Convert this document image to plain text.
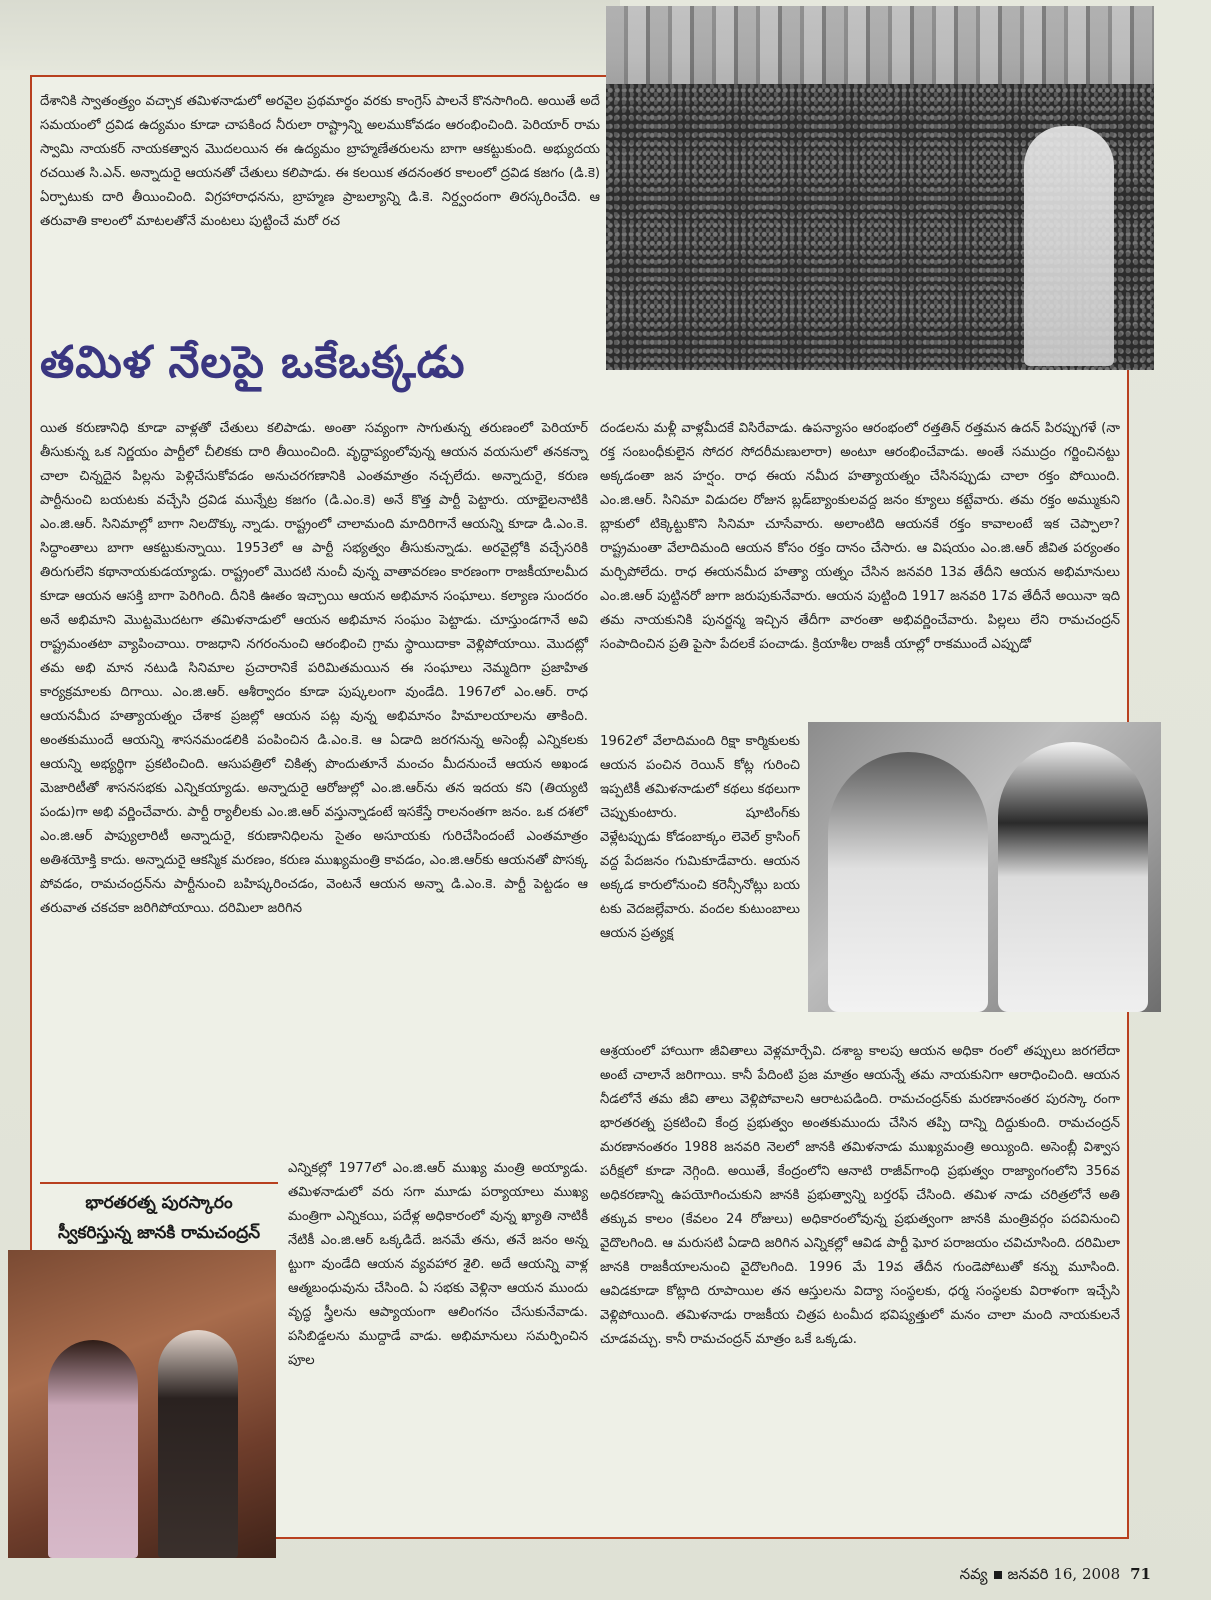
దేశానికి స్వాతంత్ర్యం వచ్చాక తమిళనాడులో అరవైల ప్రథమార్థం వరకు కాంగ్రెస్ పాలనే కొనసాగింది. అయితే అదే సమయంలో ద్రవిడ ఉద్యమం కూడా చాపకింద నీరులా రాష్ట్రాన్ని అలముకోవడం ఆరంభించింది. పెరియార్ రామ స్వామి నాయకర్ నాయకత్వాన మొదలయిన ఈ ఉద్యమం బ్రాహ్మణేతరులను బాగా ఆకట్టుకుంది. అభ్యుదయ రచయిత సి.ఎన్. అన్నాదురై ఆయనతో చేతులు కలిపాడు. ఈ కలయిక తదనంతర కాలంలో ద్రవిడ కజగం (డి.కె) ఏర్పాటుకు దారి తీయించింది. విగ్రహారాధనను, బ్రాహ్మణ ప్రాబల్యాన్ని డి.కె. నిర్ద్వందంగా తిరస్కరించేది. ఆ తరువాతి కాలంలో మాటలతోనే మంటలు పుట్టించే మరో రచ

తమిళ నేలపై ఒకేఒక్కడు

యిత కరుణానిధి కూడా వాళ్లతో చేతులు కలిపాడు. అంతా సవ్యంగా సాగుతున్న తరుణంలో పెరియార్ తీసుకున్న ఒక నిర్ణయం పార్టీలో చీలికకు దారి తీయించింది. వృద్ధాప్యంలోవున్న ఆయన వయసులో తనకన్నా చాలా చిన్నదైన పిల్లను పెళ్లిచేసుకోవడం అనుచరగణానికి ఎంతమాత్రం నచ్చలేదు. అన్నాదురై, కరుణ పార్టీనుంచి బయటకు వచ్చేసి ద్రవిడ మున్నేట్ర కజగం (డి.ఎం.కె) అనే కొత్త పార్టీ పెట్టారు. యాభైలనాటికి ఎం.జి.ఆర్. సినిమాల్లో బాగా నిలదొక్కు న్నాడు. రాష్ట్రంలో చాలామంది మాదిరిగానే ఆయన్ని కూడా డి.ఎం.కె. సిద్ధాంతాలు బాగా ఆకట్టుకున్నాయి. 1953లో ఆ పార్టీ సభ్యత్వం తీసుకున్నాడు. అరవైల్లోకి వచ్చేసరికి తిరుగులేని కథానాయకుడయ్యాడు. రాష్ట్రంలో మొదటి నుంచీ వున్న వాతావరణం కారణంగా రాజకీయాలమీద కూడా ఆయన ఆసక్తి బాగా పెరిగింది. దీనికి ఊతం ఇచ్చాయి ఆయన అభిమాన సంఘాలు. కల్యాణ సుందరం అనే అభిమాని మొట్టమొదటగా తమిళనాడులో ఆయన అభిమాన సంఘం పెట్టాడు. చూస్తుండగానే అవి రాష్ట్రమంతటా వ్యాపించాయి. రాజధాని నగరంనుంచి ఆరంభించి గ్రామ స్థాయిదాకా వెళ్లిపోయాయి. మొదట్లో తమ అభి మాన నటుడి సినిమాల ప్రచారానికే పరిమితమయిన ఈ సంఘాలు నెమ్మదిగా ప్రజాహిత కార్యక్రమాలకు దిగాయి. ఎం.జి.ఆర్. ఆశీర్వాదం కూడా పుష్కలంగా వుండేది. 1967లో ఎం.ఆర్. రాధ ఆయనమీద హత్యాయత్నం చేశాక ప్రజల్లో ఆయన పట్ల వున్న అభిమానం హిమాలయాలను తాకింది. అంతకుముందే ఆయన్ని శాసనమండలికి పంపించిన డి.ఎం.కె. ఆ ఏడాది జరగనున్న అసెంబ్లీ ఎన్నికలకు ఆయన్ని అభ్యర్థిగా ప్రకటించింది. ఆసుపత్రిలో చికిత్స పొందుతూనే మంచం మీదనుంచే ఆయన అఖండ మెజారిటీతో శాసనసభకు ఎన్నికయ్యాడు. అన్నాదురై ఆరోజుల్లో ఎం.జి.ఆర్‌ను తన ఇదయ కని (తియ్యటి పండు)గా అభి వర్ణించేవారు. పార్టీ ర్యాలీలకు ఎం.జి.ఆర్ వస్తున్నాడంటే ఇసకేస్తే రాలనంతగా జనం. ఒక దశలో ఎం.జి.ఆర్ పాప్యులారిటీ అన్నాదురై, కరుణానిధిలను సైతం అసూయకు గురిచేసిందంటే ఎంతమాత్రం అతిశయోక్తి కాదు. అన్నాదురై ఆకస్మిక మరణం, కరుణ ముఖ్యమంత్రి కావడం, ఎం.జి.ఆర్‌కు ఆయనతో పొసక్క పోవడం, రామచంద్రన్‌ను పార్టీనుంచి బహిష్కరించడం, వెంటనే ఆయన అన్నా డి.ఎం.కె. పార్టీ పెట్టడం ఆ తరువాత చకచకా జరిగిపోయాయి. దరిమిలా జరిగిన

దండలను మళ్లీ వాళ్లమీదకే విసిరేవాడు. ఉపన్యాసం ఆరంభంలో రత్తతిన్ రత్తమన ఉదన్ పిరప్పుగళే (నా రక్త సంబంధీకులైన సోదర సోదరీమణులారా) అంటూ ఆరంభించేవాడు. అంతే సముద్రం గర్జించినట్టు అక్కడంతా జన హర్షం. రాధ ఈయ నమీద హత్యాయత్నం చేసినప్పుడు చాలా రక్తం పోయింది. ఎం.జి.ఆర్. సినిమా విడుదల రోజున బ్లడ్‌బ్యాంకులవద్ద జనం క్యూలు కట్టేవారు. తమ రక్తం అమ్ముకుని బ్లాకులో టిక్కెట్టుకొని సినిమా చూసేవారు. అలాంటిది ఆయనకే రక్తం కావాలంటే ఇక చెప్పాలా? రాష్ట్రమంతా వేలాదిమంది ఆయన కోసం రక్తం దానం చేసారు. ఆ విషయం ఎం.జి.ఆర్ జీవిత పర్యంతం మర్చిపోలేదు. రాధ ఈయనమీద హత్యా యత్నం చేసిన జనవరి 13వ తేదీని ఆయన అభిమానులు ఎం.జి.ఆర్ పుట్టినరో జుగా జరుపుకునేవారు. ఆయన పుట్టింది 1917 జనవరి 17వ తేదీనే అయినా ఇది తమ నాయకునికి పునర్జన్మ ఇచ్చిన తేదీగా వారంతా అభివర్ణించేవారు. పిల్లలు లేని రామచంద్రన్ సంపాదించిన ప్రతి పైసా పేదలకే పంచాడు. క్రియాశీల రాజకీ యాల్లో రాకముందే ఎప్పుడో

1962లో వేలాదిమంది రిక్షా కార్మికులకు ఆయన పంచిన రెయిన్ కోట్ల గురించి ఇప్పటికీ తమిళనాడులో కథలు కథలుగా చెప్పుకుంటారు. షూటింగ్‌కు వెళ్లేటప్పుడు కోడంబాక్కం లెవెల్ క్రాసింగ్ వద్ద పేదజనం గుమికూడేవారు. ఆయన అక్కడ కారులోనుంచి కరెన్సీనోట్లు బయ టకు వెదజల్లేవారు. వందల కుటుంబాలు ఆయన ప్రత్యక్ష

ఆశ్రయంలో హాయిగా జీవితాలు వెళ్లమార్చేవి. దశాబ్ద కాలపు ఆయన అధికా రంలో తప్పులు జరగలేదా అంటే చాలానే జరిగాయి. కానీ పేదింటి ప్రజ మాత్రం ఆయన్నే తమ నాయకునిగా ఆరాధించింది. ఆయన నీడలోనే తమ జీవి తాలు వెళ్లిపోవాలని ఆరాటపడింది. రామచంద్రన్‌కు మరణానంతర పురస్కా రంగా భారతరత్న ప్రకటించి కేంద్ర ప్రభుత్వం అంతకుముందు చేసిన తప్పి దాన్ని దిద్దుకుంది. రామచంద్రన్ మరణానంతరం 1988 జనవరి నెలలో జానకి తమిళనాడు ముఖ్యమంత్రి అయ్యింది. అసెంబ్లీ విశ్వాస పరీక్షలో కూడా నెగ్గింది. అయితే, కేంద్రంలోని ఆనాటి రాజీవ్‌గాంధి ప్రభుత్వం రాజ్యాంగంలోని 356వ అధికరణాన్ని ఉపయోగించుకుని జానకి ప్రభుత్వాన్ని బర్తరఫ్ చేసింది. తమిళ నాడు చరిత్రలోనే అతి తక్కువ కాలం (కేవలం 24 రోజులు) అధికారంలోవున్న ప్రభుత్వంగా జానకి మంత్రివర్గం పదవినుంచి వైదొలగింది. ఆ మరుసటి ఏడాది జరిగిన ఎన్నికల్లో ఆవిడ పార్టీ ఘోర పరాజయం చవిచూసింది. దరిమిలా జానకి రాజకీయాలనుంచి వైదొలగింది. 1996 మే 19వ తేదీన గుండెపోటుతో కన్ను మూసింది. ఆవిడకూడా కోట్లాది రూపాయిల తన ఆస్తులను విద్యా సంస్థలకు, ధర్మ సంస్థలకు విరాళంగా ఇచ్చేసి వెళ్లిపోయింది. తమిళనాడు రాజకీయ చిత్రప టంమీద భవిష్యత్తులో మనం చాలా మంది నాయకులనే చూడవచ్చు. కానీ రామచంద్రన్ మాత్రం ఒకే ఒక్కడు.

భారతరత్న పురస్కారం
స్వీకరిస్తున్న జానకి రామచంద్రన్

ఎన్నికల్లో 1977లో ఎం.జి.ఆర్ ముఖ్య మంత్రి అయ్యాడు. తమిళనాడులో వరు సగా మూడు పర్యాయాలు ముఖ్య మంత్రిగా ఎన్నికయి, పదేళ్ల అధికారంలో వున్న ఖ్యాతి నాటికీ నేటికీ ఎం.జి.ఆర్ ఒక్కడిదే. జనమే తను, తనే జనం అన్న ట్టుగా వుండేది ఆయన వ్యవహార శైలి. అదే ఆయన్ని వాళ్ల ఆత్మబంధువును చేసింది. ఏ సభకు వెళ్లినా ఆయన ముందు వృద్ధ స్త్రీలను ఆప్యాయంగా ఆలింగనం చేసుకునేవాడు. పసిబిడ్డలను ముద్దాడే వాడు. అభిమానులు సమర్పించిన పూల

నవ్య జనవరి 16, 2008 71
